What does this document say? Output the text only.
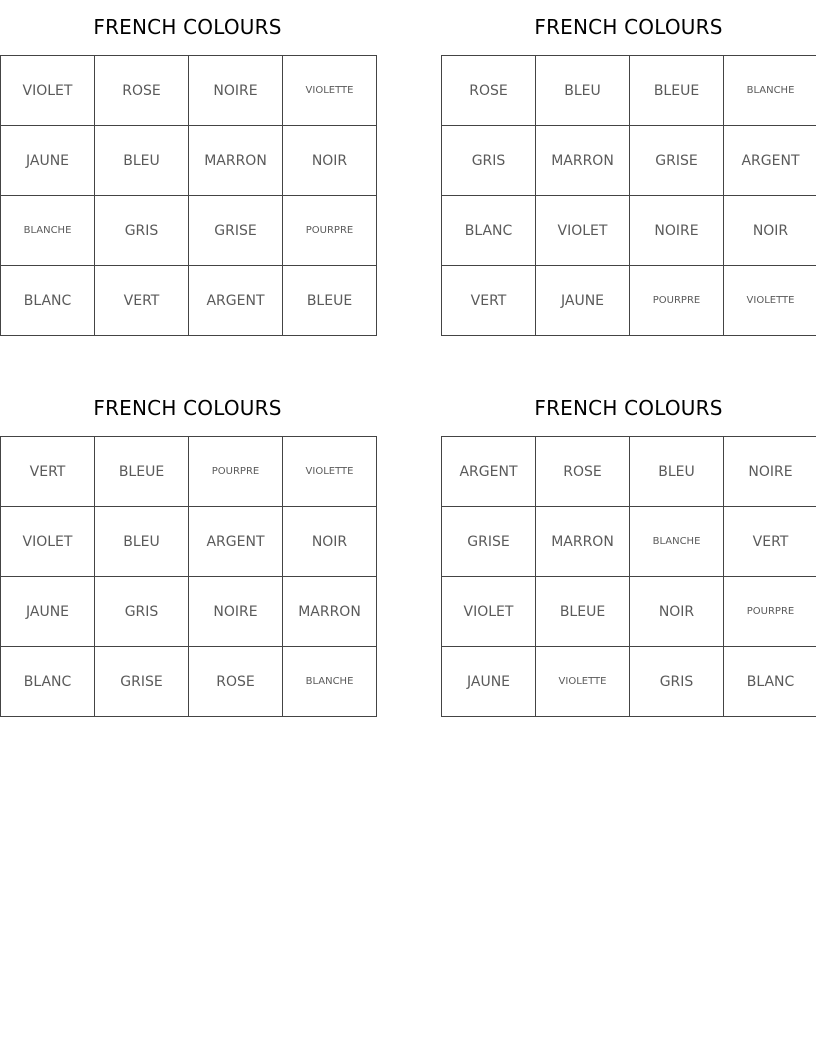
FRENCH COLOURS
VIOLET	ROSE	NOIRE	VIOLETTE
JAUNE	BLEU	MARRON	NOIR
BLANCHE	GRIS	GRISE	POURPRE
BLANC	VERT	ARGENT	BLEUE
FRENCH COLOURS
ROSE	BLEU	BLEUE	BLANCHE
GRIS	MARRON	GRISE	ARGENT
BLANC	VIOLET	NOIRE	NOIR
VERT	JAUNE	POURPRE	VIOLETTE
FRENCH COLOURS
VERT	BLEUE	POURPRE	VIOLETTE
VIOLET	BLEU	ARGENT	NOIR
JAUNE	GRIS	NOIRE	MARRON
BLANC	GRISE	ROSE	BLANCHE
FRENCH COLOURS
ARGENT	ROSE	BLEU	NOIRE
GRISE	MARRON	BLANCHE	VERT
VIOLET	BLEUE	NOIR	POURPRE
JAUNE	VIOLETTE	GRIS	BLANC
